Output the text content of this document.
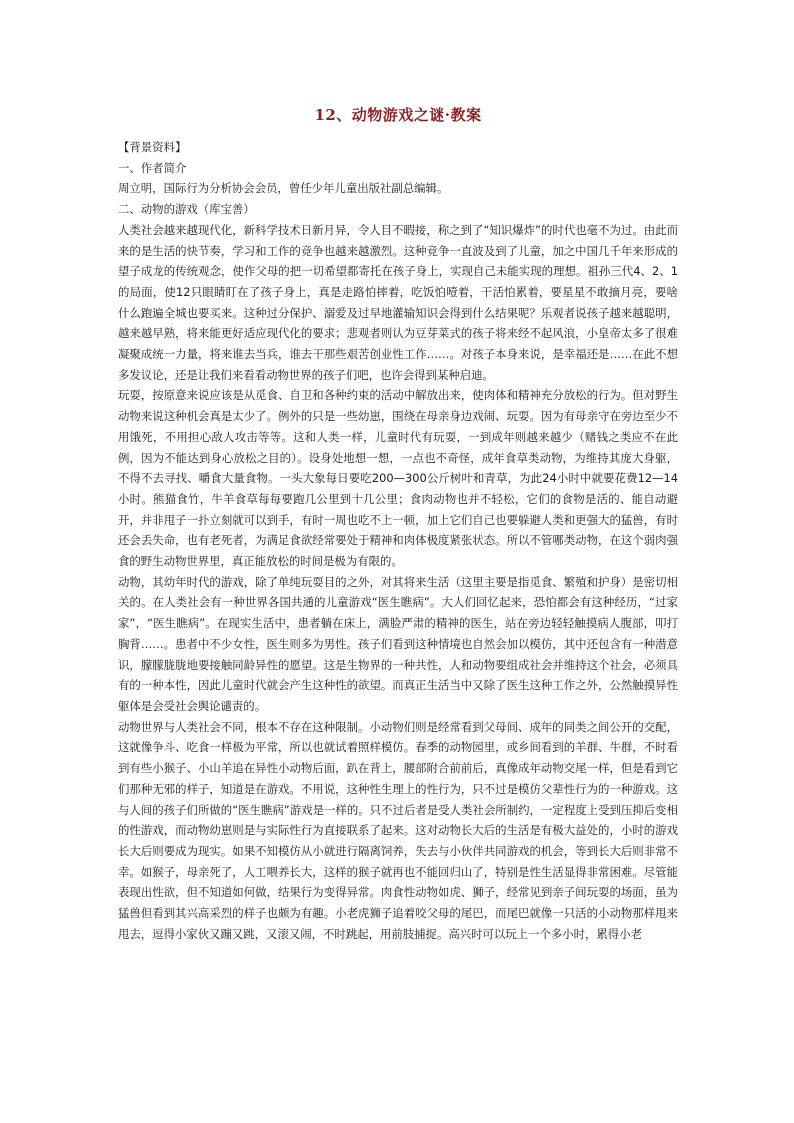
12、动物游戏之谜·教案

【背景资料】

一、作者简介

周立明，国际行为分析协会会员，曾任少年儿童出版社副总编辑。

二、动物的游戏（库宝善）

人类社会越来越现代化，新科学技术日新月异，令人目不暇接，称之到了“知识爆炸”的时代也毫不为过。由此而来的是生活的快节奏，学习和工作的竞争也越来越激烈。这种竞争一直波及到了儿童，加之中国几千年来形成的望子成龙的传统观念，使作父母的把一切希望都寄托在孩子身上，实现自己未能实现的理想。祖孙三代4、2、1的局面，使12只眼睛盯在了孩子身上，真是走路怕摔着，吃饭怕噎着，干活怕累着，要星星不敢摘月亮，要啥什么跑遍全城也要买来。这种过分保护、溺爱及过早地灌输知识会得到什么结果呢？乐观者说孩子越来越聪明，越来越早熟，将来能更好适应现代化的要求；悲观者则认为豆芽菜式的孩子将来经不起风浪，小皇帝太多了很难凝聚成统一力量，将来谁去当兵，谁去干那些艰苦创业性工作……。对孩子本身来说，是幸福还是……在此不想多发议论，还是让我们来看看动物世界的孩子们吧，也许会得到某种启迪。

玩耍，按原意来说应该是从觅食、自卫和各种约束的活动中解放出来，使肉体和精神充分放松的行为。但对野生动物来说这种机会真是太少了。例外的只是一些幼崽，围绕在母亲身边戏闹、玩耍。因为有母亲守在旁边至少不用饿死，不用担心敌人攻击等等。这和人类一样，儿童时代有玩耍，一到成年则越来越少（赌钱之类应不在此例，因为不能达到身心放松之目的）。设身处地想一想，一点也不奇怪，成年食草类动物，为维持其庞大身躯，不得不去寻找、嚼食大量食物。一头大象每日要吃200—300公斤树叶和青草，为此24小时中就要花费12—14小时。熊猫食竹，牛羊食草每每要跑几公里到十几公里；食肉动物也并不轻松，它们的食物是活的、能自动避开，并非甩子一扑立刻就可以到手，有时一周也吃不上一顿，加上它们自己也要躲避人类和更强大的猛兽，有时还会丢失命，也有老死者，为满足食欲经常要处于精神和肉体极度紧张状态。所以不管哪类动物，在这个弱肉强食的野生动物世界里，真正能放松的时间是极为有限的。

动物，其幼年时代的游戏，除了单纯玩耍目的之外，对其将来生活（这里主要是指觅食、繁殖和护身）是密切相关的。在人类社会有一种世界各国共通的儿童游戏“医生瞧病”。大人们回忆起来，恐怕都会有这种经历，“过家家”，“医生瞧病”。在现实生活中，患者躺在床上，满脸严肃的精神的医生，站在旁边轻轻触摸病人腹部，叩打胸背……。患者中不少女性，医生则多为男性。孩子们看到这种情境也自然会加以模仿，其中还包含有一种潜意识，朦朦胧胧地要接触同龄异性的愿望。这是生物界的一种共性，人和动物要组成社会并维持这个社会，必须具有的一种本性，因此儿童时代就会产生这种性的欲望。而真正生活当中又除了医生这种工作之外，公然触摸异性躯体是会受社会舆论谴责的。

动物世界与人类社会不同，根本不存在这种限制。小动物们则是经常看到父母间、成年的同类之间公开的交配，这就像争斗、吃食一样极为平常，所以也就试着照样模仿。春季的动物园里，或乡间看到的羊群、牛群，不时看到有些小猴子、小山羊追在异性小动物后面，趴在背上，腰部附合前前后，真像成年动物交尾一样，但是看到它们那种无邪的样子，知道是在游戏。不用说，这种性生理上的性行为，只不过是模仿父辈性行为的一种游戏。这与人间的孩子们所做的“医生瞧病”游戏是一样的。只不过后者是受人类社会所制约，一定程度上受到压抑后变相的性游戏，而动物幼崽则是与实际性行为直接联系了起来。这对动物长大后的生活是有极大益处的，小时的游戏长大后则要成为现实。如果不知模仿从小就进行隔离饲养，失去与小伙伴共同游戏的机会，等到长大后则非常不幸。如猴子，母亲死了，人工喂养长大，这样的猴子就再也不能回归山了，特别是性生活显得非常困难。尽管能表现出性欲，但不知道如何做，结果行为变得异常。肉食性动物如虎、狮子，经常见到亲子间玩耍的场面，虽为猛兽但看到其兴高采烈的样子也颇为有趣。小老虎狮子追着咬父母的尾巴，而尾巴就像一只活的小动物那样甩来甩去，逗得小家伙又蹦又跳，又滚又闹，不时跳起，用前肢捕捉。高兴时可以玩上一个多小时，累得小老
